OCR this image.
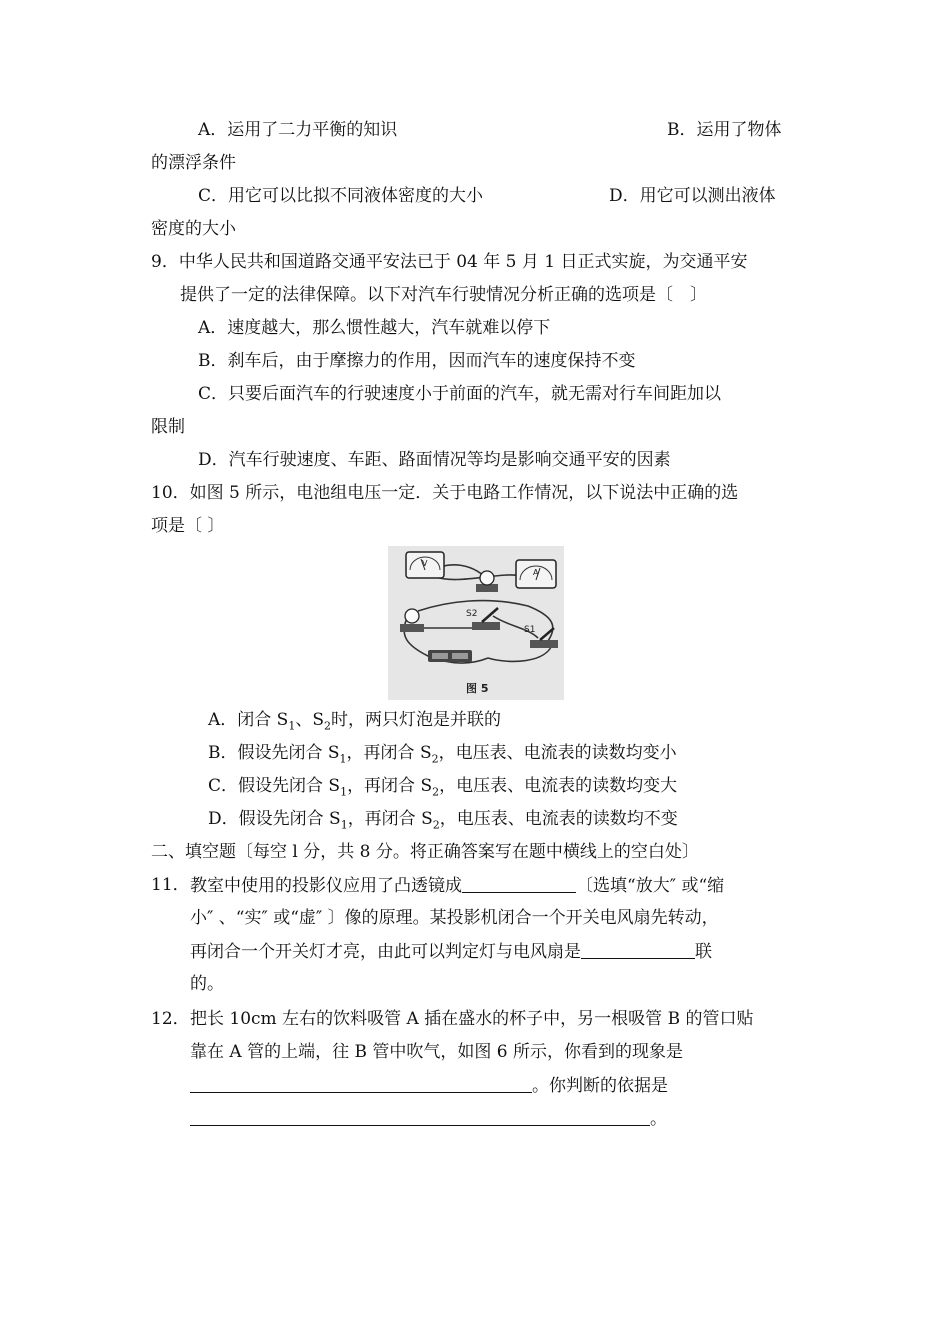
A．运用了二力平衡的知识	B．运用了物体
的漂浮条件
C．用它可以比拟不同液体密度的大小	D．用它可以测出液体
密度的大小
9．中华人民共和国道路交通平安法已于 04 年 5 月 1 日正式实旋，为交通平安
提供了一定的法律保障。以下对汽车行驶情况分析正确的选项是〔　〕
A．速度越大，那么惯性越大，汽车就难以停下
B．刹车后，由于摩擦力的作用，因而汽车的速度保持不变
C．只要后面汽车的行驶速度小于前面的汽车，就无需对行车间距加以
限制
D．汽车行驶速度、车距、路面情况等均是影响交通平安的因素
10．如图 5 所示，电池组电压一定．关于电路工作情况，以下说法中正确的选
项是〔 〕
V
A
S2
S1
图 5
A．闭合 $S_1$、$S_2$时，两只灯泡是并联的
B．假设先闭合 $S_1$，再闭合 $S_2$，电压表、电流表的读数均变小
C．假设先闭合 $S_1$，再闭合 $S_2$，电压表、电流表的读数均变大
D．假设先闭合 $S_1$，再闭合 $S_2$，电压表、电流表的读数均不变
二、填空题〔每空 l 分，共 8 分。将正确答案写在题中横线上的空白处〕
11． 教室中使用的投影仪应用了凸透镜成	〔选填“放大″ 或“缩
小″ 、“实″ 或“虚″ 〕像的原理。某投影机闭合一个开关电风扇先转动，
再闭合一个开关灯才亮，由此可以判定灯与电风扇是	联
的。
12． 把长 10cm 左右的饮料吸管 A 插在盛水的杯子中，另一根吸管 B 的管口贴
靠在 A 管的上端，往 B 管中吹气，如图 6 所示，你看到的现象是
。你判断的依据是
。
